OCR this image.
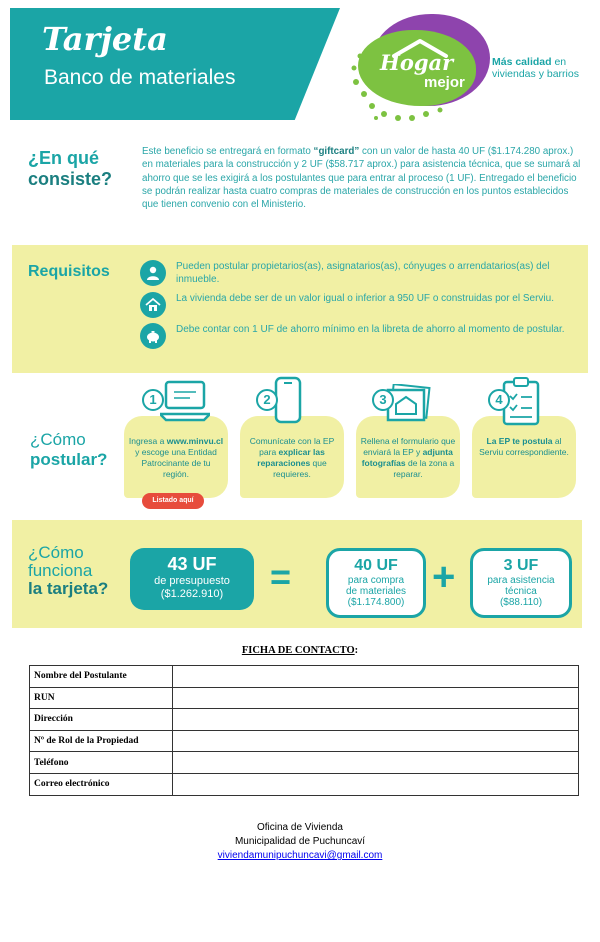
Tarjeta
Banco de materiales
Hogar
mejor
Más calidad en viviendas y barrios
¿En qué
consiste?
Este beneficio se entregará en formato “giftcard” con un valor de hasta 40 UF ($1.174.280 aprox.) en materiales para la construcción y 2 UF ($58.717 aprox.) para asistencia técnica, que se sumará al ahorro que se les exigirá a los postulantes que para entrar al proceso (1 UF). Entregado el beneficio se podrán realizar hasta cuatro compras de materiales de construcción en los puntos establecidos que tienen convenio con el Ministerio.
Requisitos	Pueden postular propietarios(as), asignatarios(as), cónyuges o arrendatarios(as) del inmueble.
La vivienda debe ser de un valor igual o inferior a 950 UF o construidas por el Serviu.
Debe contar con 1 UF de ahorro mínimo en la libreta de ahorro al momento de postular.
¿Cómo
postular?
Ingresa a www.minvu.cl y escoge una Entidad Patrocinante de tu región.
1
Listado aquí
Comunícate con la EP para explicar las reparaciones que requieres.
2
Rellena el formulario que enviará la EP y adjunta fotografías de la zona a reparar.
3
La EP te postula al Serviu correspondiente.
4
¿Cómo
funciona
la tarjeta?
43 UF
de presupuesto
($1.262.910)	=	40 UF
para compra
de materiales
($1.174.800)
+	3 UF
para asistencia
técnica
($88.110)
FICHA DE CONTACTO:
Nombre del Postulante	
RUN	
Dirección	
Nº de Rol de la Propiedad	
Teléfono	
Correo electrónico	
Oficina de Vivienda
Municipalidad de Puchuncaví
viviendamunipuchuncavi@gmail.com
